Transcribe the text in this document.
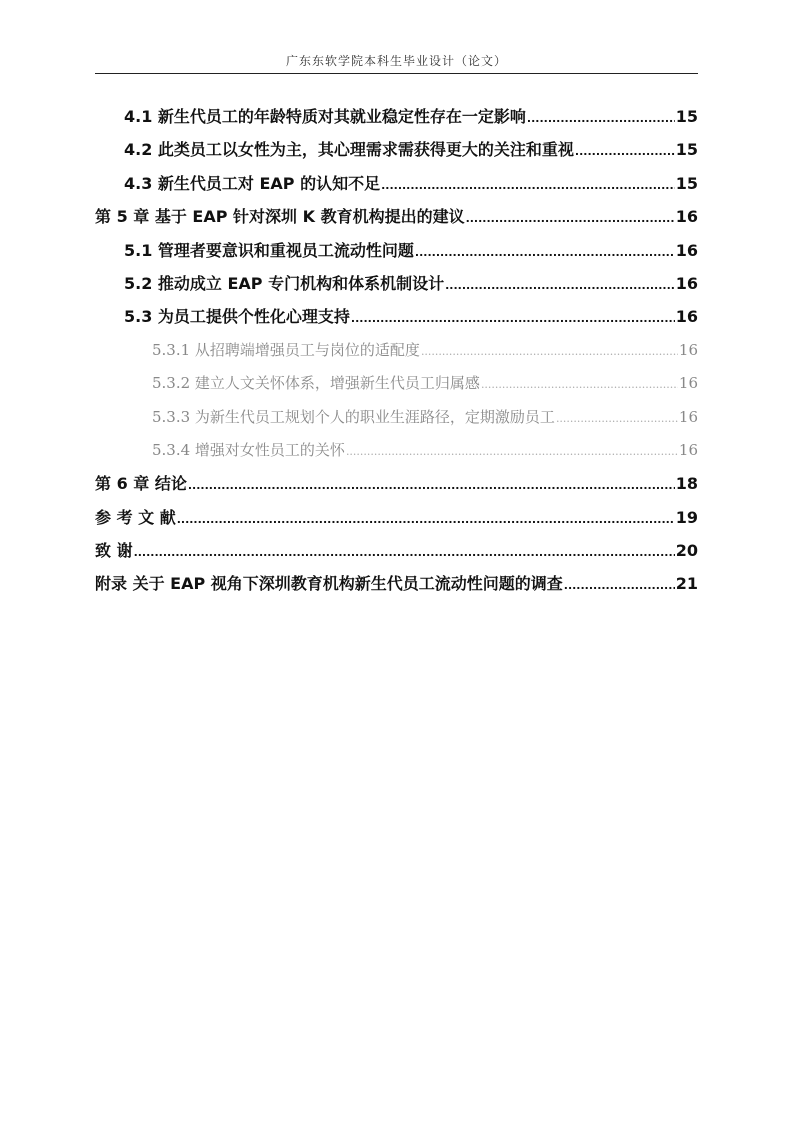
广东东软学院本科生毕业设计（论文）
4.1 新生代员工的年龄特质对其就业稳定性存在一定影响 .....	15
4.2 此类员工以女性为主，其心理需求需获得更大的关注和重视 .....	15
4.3 新生代员工对 EAP 的认知不足 .....	15
第 5 章 基于 EAP 针对深圳 K 教育机构提出的建议 .....	16
5.1 管理者要意识和重视员工流动性问题 .....	16
5.2 推动成立 EAP 专门机构和体系机制设计 .....	16
5.3 为员工提供个性化心理支持 .....	16
5.3.1 从招聘端增强员工与岗位的适配度 .....	16
5.3.2 建立人文关怀体系，增强新生代员工归属感 .....	16
5.3.3 为新生代员工规划个人的职业生涯路径，定期激励员工 .....	16
5.3.4 增强对女性员工的关怀 .....	16
第 6 章 结论 .....	18
参 考 文 献 .....	19
致 谢 .....	20
附录 关于 EAP 视角下深圳教育机构新生代员工流动性问题的调查 .....	21
